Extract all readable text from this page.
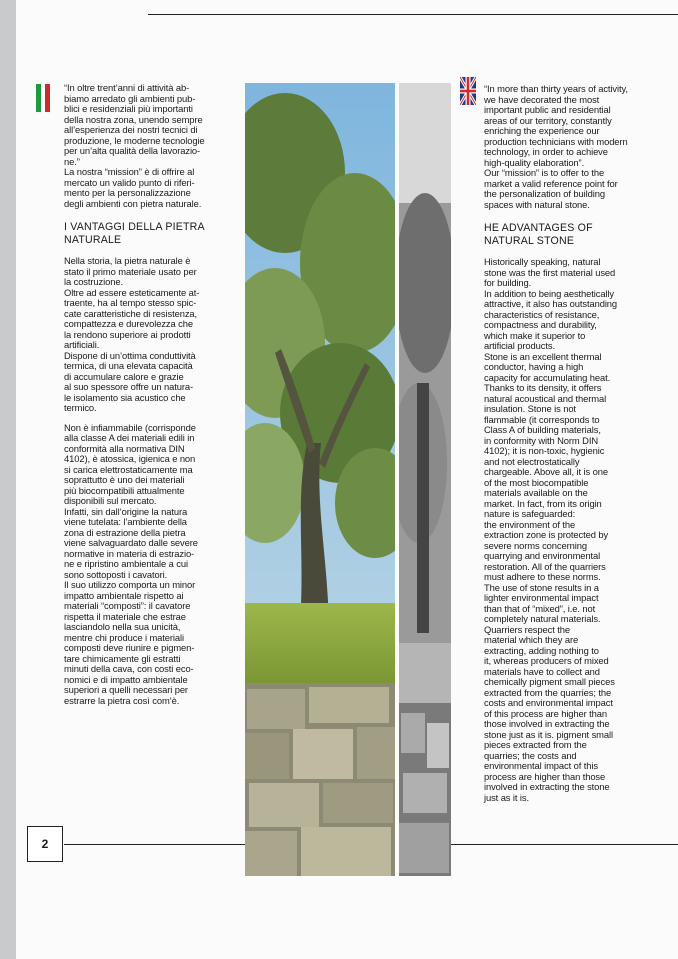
“In oltre trent’anni di attività ab-
biamo arredato gli ambienti pub-
blici e residenziali più importanti
della nostra zona, unendo sempre
all’esperienza dei nostri tecnici di
produzione, le moderne tecnologie
per un’alta qualità della lavorazio-
ne.”
La nostra “mission” è di offrire al
mercato un valido punto di riferi-
mento per la personalizzazione
degli ambienti con pietra naturale.

I VANTAGGI DELLA PIETRA
NATURALE

Nella storia, la pietra naturale è
stato il primo materiale usato per
la costruzione.
Oltre ad essere esteticamente at-
traente, ha al tempo stesso spic-
cate caratteristiche di resistenza,
compattezza e durevolezza che
la rendono superiore ai prodotti
artificiali.
Dispone di un’ottima conduttività
termica, di una elevata capacità
di accumulare calore e grazie
al suo spessore offre un natura-
le isolamento sia acustico che
termico.

Non è infiammabile (corrisponde
alla classe A dei materiali edili in
conformità alla normativa DIN
4102), è atossica, igienica e non
si carica elettrostaticamente ma
soprattutto è uno dei materiali
più biocompatibili attualmente
disponibili sul mercato.
Infatti, sin dall’origine la natura
viene tutelata: l’ambiente della
zona di estrazione della pietra
viene salvaguardato dalle severe
normative in materia di estrazio-
ne e ripristino ambientale a cui
sono sottoposti i cavatori.
Il suo utilizzo comporta un minor
impatto ambientale rispetto ai
materiali “composti”: il cavatore
rispetta il materiale che estrae
lasciandolo nella sua unicità,
mentre chi produce i materiali
composti deve riunire e pigmen-
tare chimicamente gli estratti
minuti della cava, con costi eco-
nomici e di impatto ambientale
superiori a quelli necessari per
estrarre la pietra così com’è.

“In more than thirty years of activity,
we have decorated the most
important public and residential
areas of our territory, constantly
enriching the experience our
production technicians with modern
technology, in order to achieve
high-quality elaboration”.
Our “mission” is to offer to the
market a valid reference point for
the personalization of building
spaces with natural stone.

HE ADVANTAGES OF
NATURAL STONE

Historically speaking, natural
stone was the first material used
for building.
In addition to being aesthetically
attractive, it also has outstanding
characteristics of resistance,
compactness and durability,
which make it superior to
artificial products.
Stone is an excellent thermal
conductor, having a high
capacity for accumulating heat.
Thanks to its density, it offers
natural acoustical and thermal
insulation. Stone is not
flammable (it corresponds to
Class A of building materials,
in conformity with Norm DIN
4102); it is non-toxic, hygienic
and not electrostatically
chargeable. Above all, it is one
of the most biocompatible
materials available on the
market. In fact, from its origin
nature is safeguarded:
the environment of the
extraction zone is protected by
severe norms concerning
quarrying and environmental
restoration. All of the quarriers
must adhere to these norms.
The use of stone results in a
lighter environmental impact
than that of “mixed”, i.e. not
completely natural materials.
Quarriers respect the
material which they are
extracting, adding nothing to
it, whereas producers of mixed
materials have to collect and
chemically pigment small pieces
extracted from the quarries; the
costs and environmental impact
of this process are higher than
those involved in extracting the
stone just as it is. pigment small
pieces extracted from the
quarries; the costs and
environmental impact of this
process are higher than those
involved in extracting the stone
just as it is.

2
